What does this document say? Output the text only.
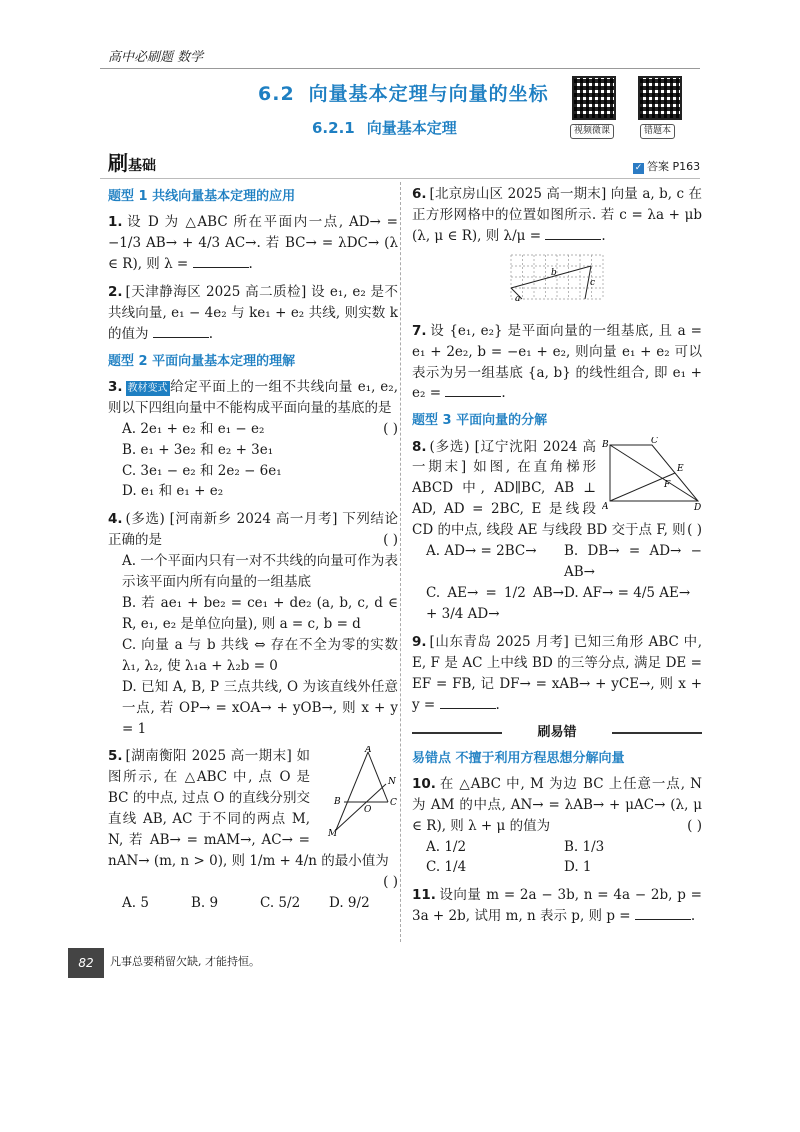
高中必刷题 数学
6.2 向量基本定理与向量的坐标
6.2.1 向量基本定理	视频微课	错题本
刷基础	✓ 答案 P163
题型 1 共线向量基本定理的应用
1. 设 D 为 △ABC 所在平面内一点, AD→ = −1/3 AB→ + 4/3 AC→. 若 BC→ = λDC→ (λ ∈ R), 则 λ =	.
2. [天津静海区 2025 高二质检] 设 e₁, e₂ 是不共线向量, e₁ − 4e₂ 与 ke₁ + e₂ 共线, 则实数 k 的值为	.
题型 2 平面向量基本定理的理解
3. 教材变式 给定平面上的一组不共线向量 e₁, e₂, 则以下四组向量中不能构成平面向量的基底的是
( )
A. 2e₁ + e₂ 和 e₁ − e₂
B. e₁ + 3e₂ 和 e₂ + 3e₁
C. 3e₁ − e₂ 和 2e₂ − 6e₁
D. e₁ 和 e₁ + e₂
4. (多选) [河南新乡 2024 高一月考] 下列结论正确的是	( )
A. 一个平面内只有一对不共线的向量可作为表示该平面内所有向量的一组基底
B. 若 ae₁ + be₂ = ce₁ + de₂ (a, b, c, d ∈ R, e₁, e₂ 是单位向量), 则 a = c, b = d
C. 向量 a 与 b 共线 ⇔ 存在不全为零的实数 λ₁, λ₂, 使 λ₁a + λ₂b = 0
D. 已知 A, B, P 三点共线, O 为该直线外任意一点, 若 OP→ = xOA→ + yOB→, 则 x + y = 1
A
B	C
O
N
M
5. [湖南衡阳 2025 高一期末] 如图所示, 在 △ABC 中, 点 O 是 BC 的中点, 过点 O 的直线分别交直线 AB, AC 于不同的两点 M, N, 若 AB→ = mAM→, AC→ = nAN→ (m, n > 0), 则 1/m + 4/n 的最小值为
( )
A. 5	B. 9	C. 5/2	D. 9/2
6. [北京房山区 2025 高一期末] 向量 a, b, c 在正方形网格中的位置如图所示. 若 c = λa + μb (λ, μ ∈ R), 则 λ/μ =	.
a
b
c
7. 设 {e₁, e₂} 是平面向量的一组基底, 且 a = e₁ + 2e₂, b = −e₁ + e₂, 则向量 e₁ + e₂ 可以表示为另一组基底 {a, b} 的线性组合, 即 e₁ + e₂ =	.
题型 3 平面向量的分解
B	C
E
F
A	D
8. (多选) [辽宁沈阳 2024 高一期末] 如图, 在直角梯形 ABCD 中, AD∥BC, AB ⊥ AD, AD = 2BC, E 是线段 CD 的中点, 线段 AE 与线段 BD 交于点 F, 则 ( )
A. AD→ = 2BC→	B. DB→ = AD→ − AB→
C. AE→ = 1/2 AB→ + 3/4 AD→
D. AF→ = 4/5 AE→
9. [山东青岛 2025 月考] 已知三角形 ABC 中, E, F 是 AC 上中线 BD 的三等分点, 满足 DE = EF = FB, 记 DF→ = xAB→ + yCE→, 则 x + y =	.
刷易错
易错点 不擅于利用方程思想分解向量
10. 在 △ABC 中, M 为边 BC 上任意一点, N 为 AM 的中点, AN→ = λAB→ + μAC→ (λ, μ ∈ R), 则 λ + μ 的值为	( )
A. 1/2	B. 1/3
C. 1/4	D. 1
11. 设向量 m = 2a − 3b, n = 4a − 2b, p = 3a + 2b, 试用 m, n 表示 p, 则 p =	.
82	凡事总要稍留欠缺, 才能持恒。
